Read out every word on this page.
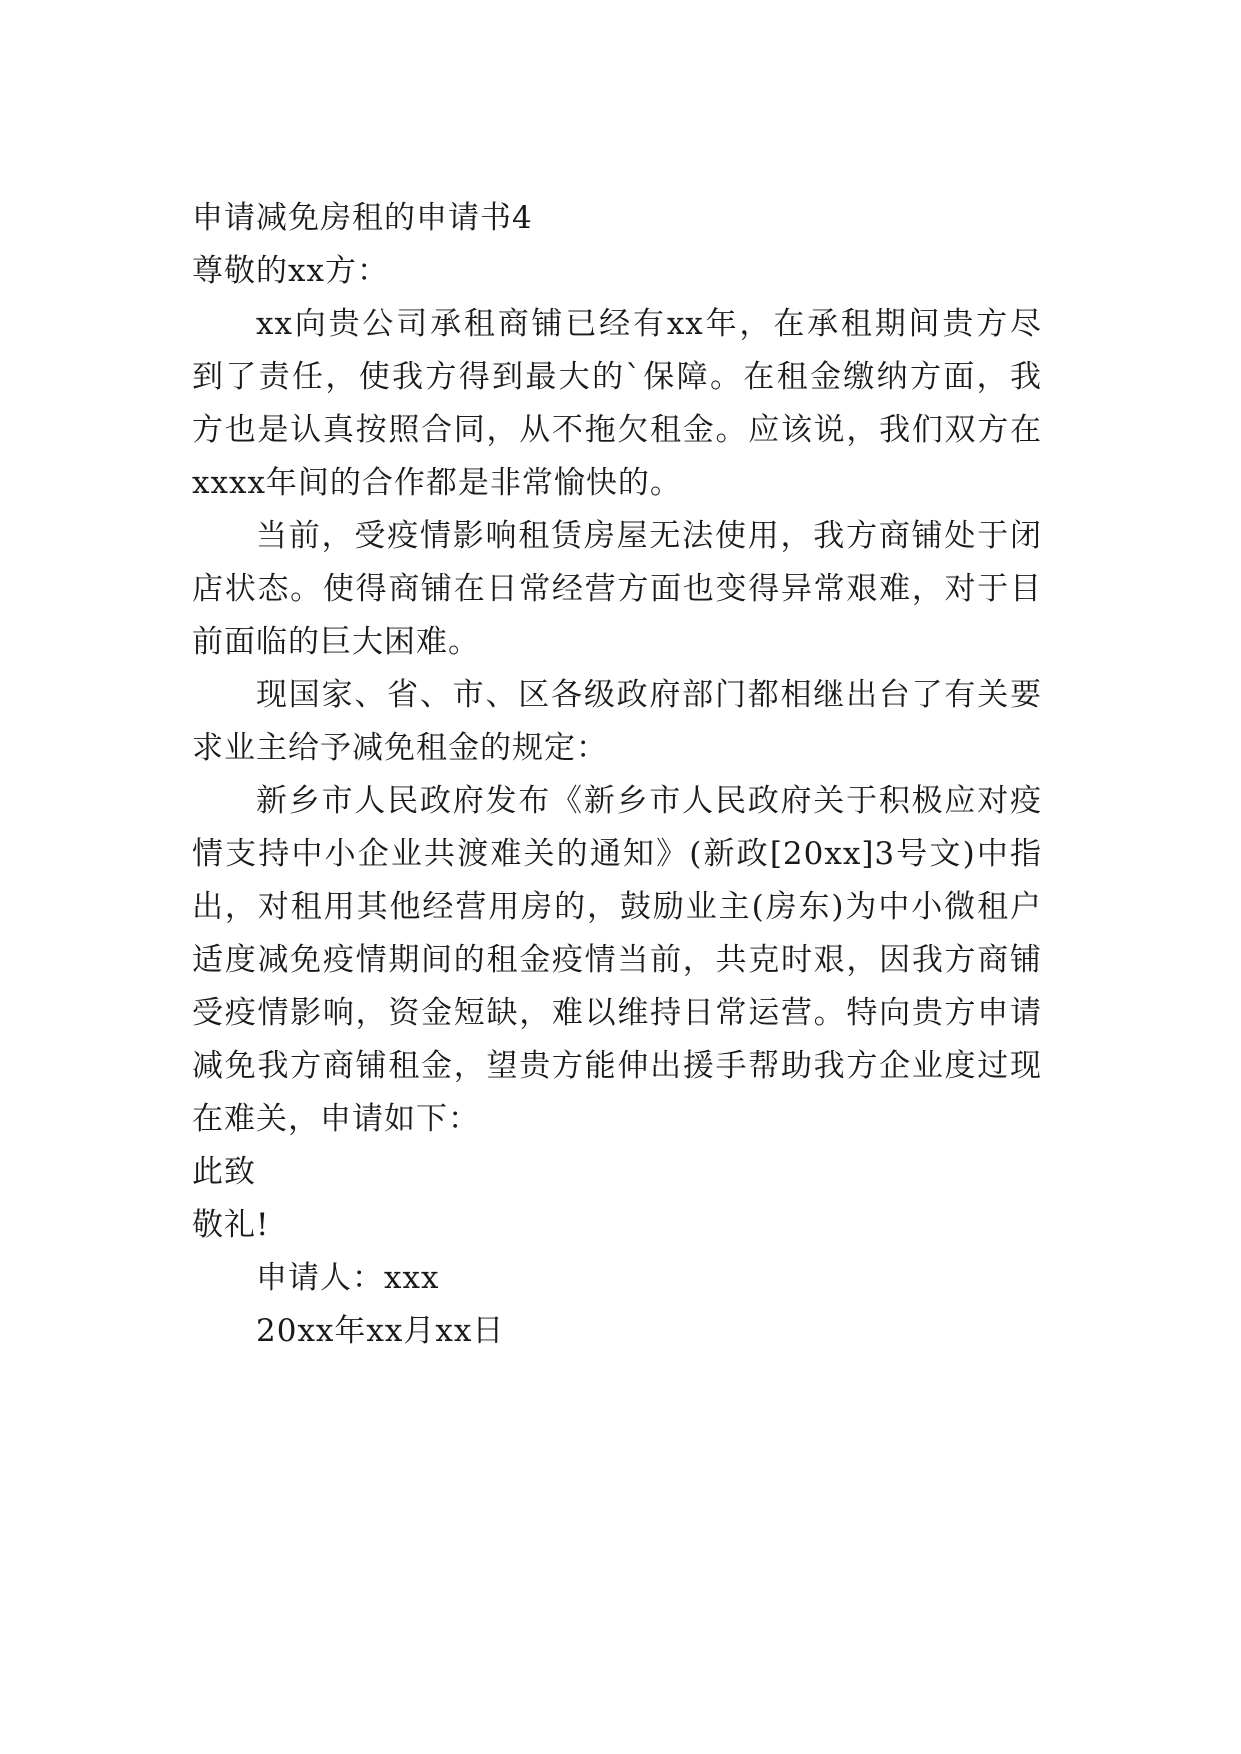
申请减免房租的申请书4
尊敬的xx方：
xx向贵公司承租商铺已经有xx年，在承租期间贵方尽
到了责任，使我方得到最大的`保障。在租金缴纳方面，我
方也是认真按照合同，从不拖欠租金。应该说，我们双方在
xxxx年间的合作都是非常愉快的。
当前，受疫情影响租赁房屋无法使用，我方商铺处于闭
店状态。使得商铺在日常经营方面也变得异常艰难，对于目
前面临的巨大困难。
现国家、省、市、区各级政府部门都相继出台了有关要
求业主给予减免租金的规定：
新乡市人民政府发布《新乡市人民政府关于积极应对疫
情支持中小企业共渡难关的通知》(新政[20xx]3号文)中指
出，对租用其他经营用房的，鼓励业主(房东)为中小微租户
适度减免疫情期间的租金疫情当前，共克时艰，因我方商铺
受疫情影响，资金短缺，难以维持日常运营。特向贵方申请
减免我方商铺租金，望贵方能伸出援手帮助我方企业度过现
在难关，申请如下：
此致
敬礼!
申请人：xxx
20xx年xx月xx日
